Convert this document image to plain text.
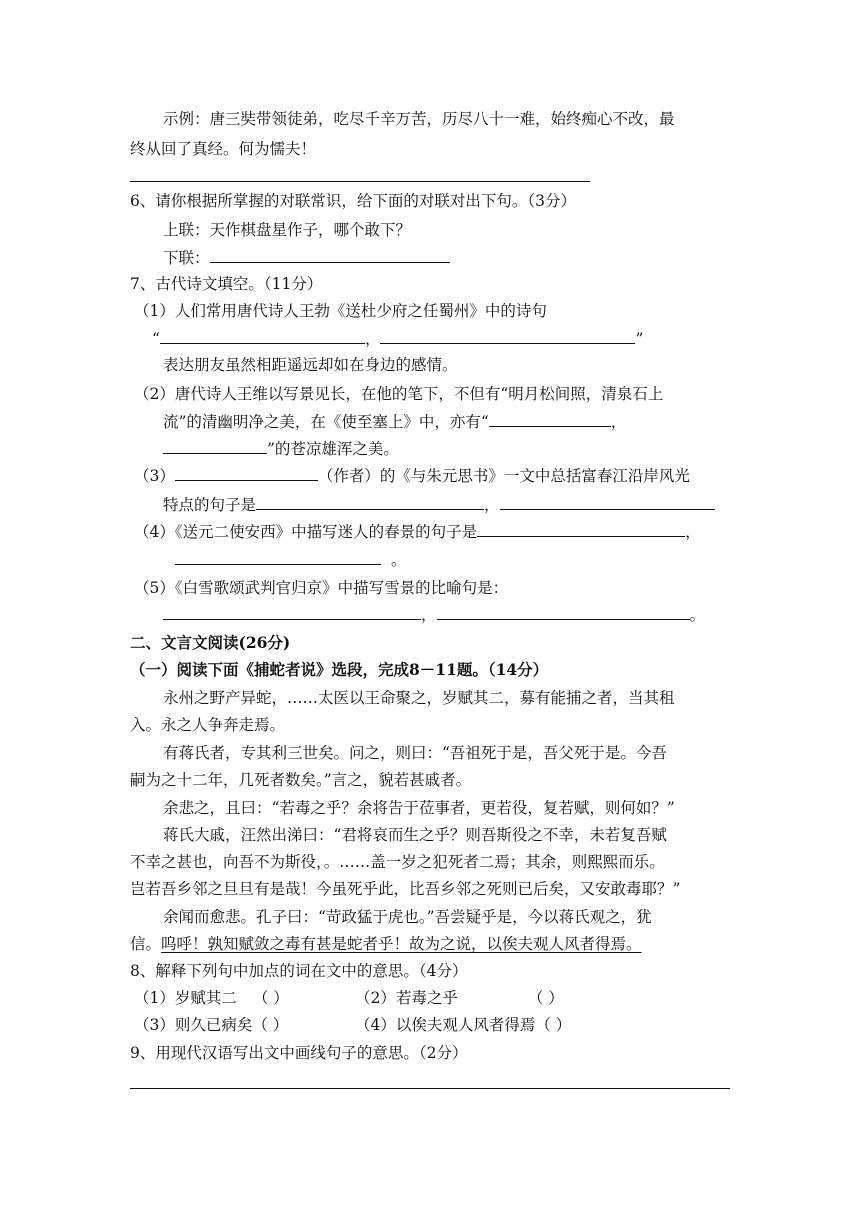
示例：唐三奘带领徒弟，吃尽千辛万苦，历尽八十一难，始终痴心不改，最
终从回了真经。何为懦夫！
6、请你根据所掌握的对联常识，给下面的对联对出下句。（3分）
上联：天作棋盘星作子，哪个敢下？
下联：
7、古代诗文填空。（11分）
（1）人们常用唐代诗人王勃《送杜少府之任蜀州》中的诗句
“	，	”
表达朋友虽然相距遥远却如在身边的感情。
（2）唐代诗人王维以写景见长，在他的笔下，不但有“明月松间照，清泉石上
流”的清幽明净之美，在《使至塞上》中，亦有“	，
”的苍凉雄浑之美。
（3）	（作者）的《与朱元思书》一文中总括富春江沿岸风光
特点的句子是	，
（4）《送元二使安西》中描写迷人的春景的句子是	，
。
（5）《白雪歌颂武判官归京》中描写雪景的比喻句是：
，	。
二、文言文阅读(26分)
（一）阅读下面《捕蛇者说》选段，完成8－11题。（14分）
永州之野产异蛇，……太医以王命聚之，岁赋其二，募有能捕之者，当其租
入。永之人争奔走焉。
有蒋氏者，专其利三世矣。问之，则曰：“吾祖死于是，吾父死于是。今吾
嗣为之十二年，几死者数矣。”言之，貌若甚戚者。
余悲之，且曰：“若毒之乎？余将告于莅事者，更若役，复若赋，则何如？”
蒋氏大戚，汪然出涕曰：“君将哀而生之乎？则吾斯役之不幸，未若复吾赋
不幸之甚也，向吾不为斯役，。……盖一岁之犯死者二焉；其余，则熙熙而乐。
岂若吾乡邻之旦旦有是哉！今虽死乎此，比吾乡邻之死则已后矣，又安敢毒耶？”
余闻而愈悲。孔子曰：“苛政猛于虎也。”吾尝疑乎是，今以蒋氏观之，犹
信。呜呼！孰知赋敛之毒有甚是蛇者乎！故为之说，以俟夫观人风者得焉。
8、解释下列句中加点的词在文中的意思。（4分）
（1）岁赋其二 （ ）	（2）若毒之乎	（ ）
（3）则久已病矣（ ）	（4）以俟夫观人风者得焉（ ）
9、用现代汉语写出文中画线句子的意思。（2分）
